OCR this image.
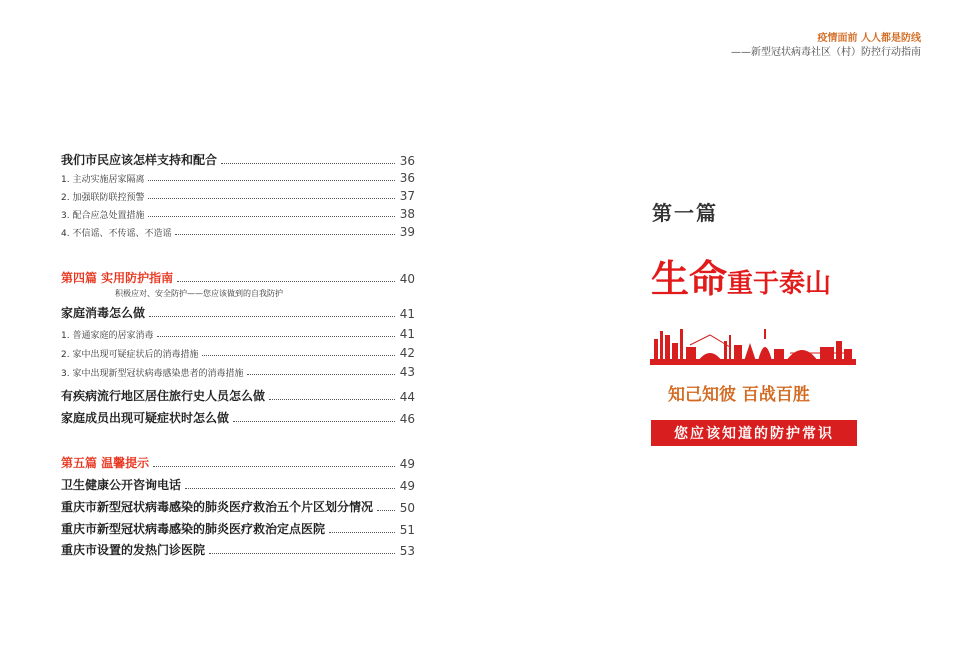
疫情面前 人人都是防线
——新型冠状病毒社区（村）防控行动指南
我们市民应该怎样支持和配合	36
1. 主动实施居家隔离	36
2. 加强联防联控预警	37
3. 配合应急处置措施	38
4. 不信谣、不传谣、不造谣	39
第四篇 实用防护指南	40
积极应对、安全防护——您应该做到的自我防护
家庭消毒怎么做	41
1. 普通家庭的居家消毒	41
2. 家中出现可疑症状后的消毒措施	42
3. 家中出现新型冠状病毒感染患者的消毒措施	43
有疾病流行地区居住旅行史人员怎么做	44
家庭成员出现可疑症状时怎么做	46
第五篇 温馨提示	49
卫生健康公开咨询电话	49
重庆市新型冠状病毒感染的肺炎医疗救治五个片区划分情况 50
重庆市新型冠状病毒感染的肺炎医疗救治定点医院	51
重庆市设置的发热门诊医院	53
第一篇
生命重于泰山
知己知彼 百战百胜
您应该知道的防护常识
